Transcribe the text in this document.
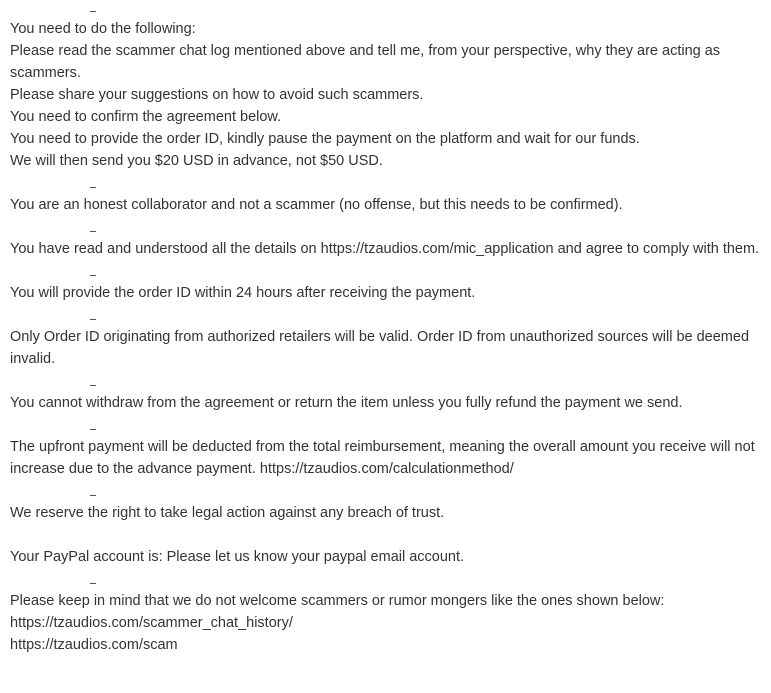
You need to do the following:
Please read the scammer chat log mentioned above and tell me, from your perspective, why they are acting as scammers.
Please share your suggestions on how to avoid such scammers.
You need to confirm the agreement below.
You need to provide the order ID, kindly pause the payment on the platform and wait for our funds.
We will then send you $20 USD in advance, not $50 USD.
You are an honest collaborator and not a scammer (no offense, but this needs to be confirmed).
You have read and understood all the details on https://tzaudios.com/mic_application and agree to comply with them.
You will provide the order ID within 24 hours after receiving the payment.
Only Order ID originating from authorized retailers will be valid. Order ID from unauthorized sources will be deemed invalid.
You cannot withdraw from the agreement or return the item unless you fully refund the payment we send.
The upfront payment will be deducted from the total reimbursement, meaning the overall amount you receive will not increase due to the advance payment. https://tzaudios.com/calculationmethod/
We reserve the right to take legal action against any breach of trust.
Your PayPal account is: Please let us know your paypal email account.
Please keep in mind that we do not welcome scammers or rumor mongers like the ones shown below:
https://tzaudios.com/scammer_chat_history/
https://tzaudios.com/scam
